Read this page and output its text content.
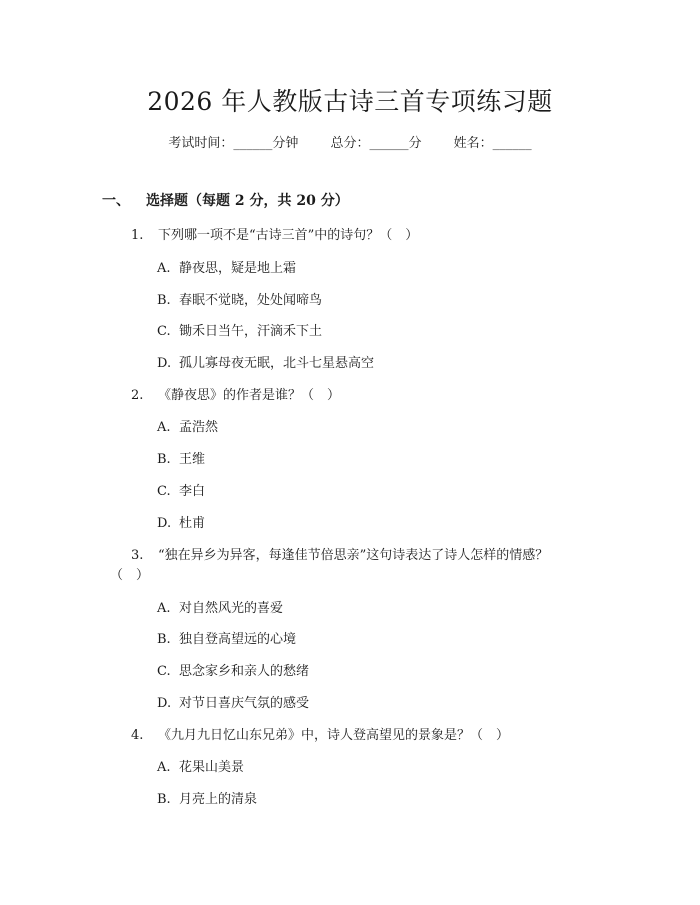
2026 年人教版古诗三首专项练习题
考试时间：______分钟 总分：______分 姓名：______
一、 选择题（每题 2 分，共 20 分）
1. 下列哪一项不是“古诗三首”中的诗句？（　）
A. 静夜思，疑是地上霜
B. 春眠不觉晓，处处闻啼鸟
C. 锄禾日当午，汗滴禾下土
D. 孤儿寡母夜无眠，北斗七星悬高空
2. 《静夜思》的作者是谁？（　）
A. 孟浩然
B. 王维
C. 李白
D. 杜甫
3. “独在异乡为异客，每逢佳节倍思亲”这句诗表达了诗人怎样的情感？
（　）
A. 对自然风光的喜爱
B. 独自登高望远的心境
C. 思念家乡和亲人的愁绪
D. 对节日喜庆气氛的感受
4. 《九月九日忆山东兄弟》中，诗人登高望见的景象是？（　）
A. 花果山美景
B. 月亮上的清泉
